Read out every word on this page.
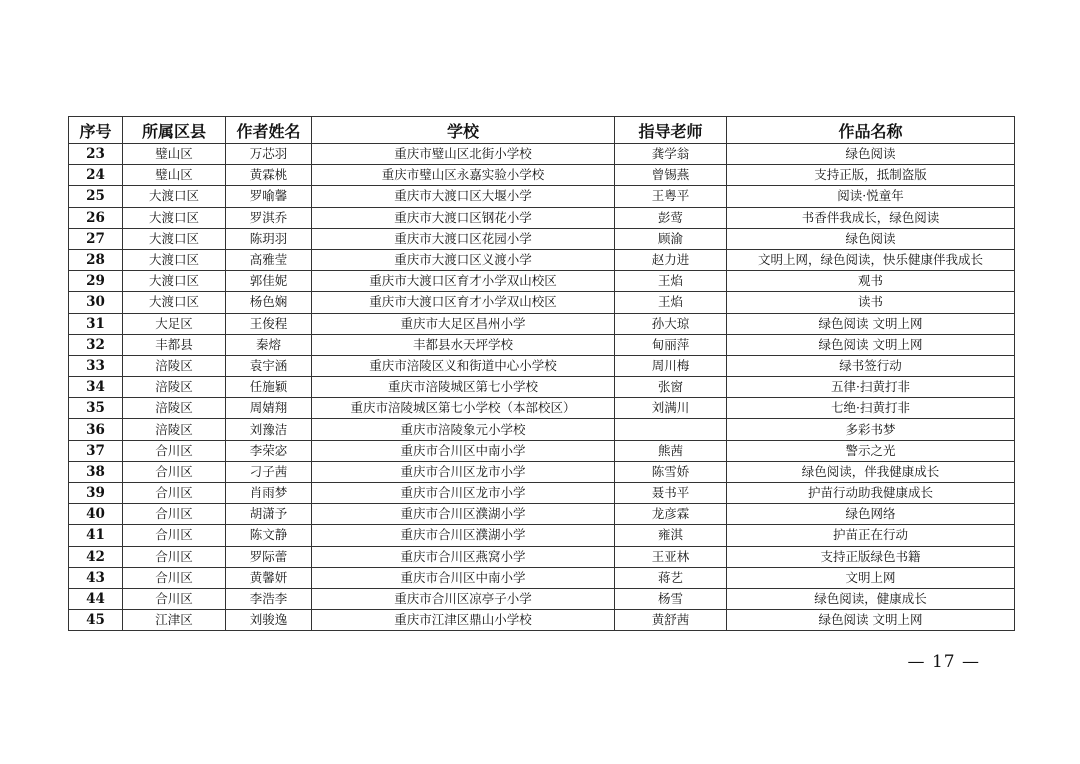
序号	所属区县	作者姓名	学校	指导老师	作品名称
23	璧山区	万芯羽	重庆市璧山区北街小学校	龚学翁	绿色阅读
24	璧山区	黄霖桃	重庆市璧山区永嘉实验小学校	曾锡燕	支持正版，抵制盗版
25	大渡口区	罗喻馨	重庆市大渡口区大堰小学	王粤平	阅读·悦童年
26	大渡口区	罗淇乔	重庆市大渡口区钢花小学	彭莺	书香伴我成长，绿色阅读
27	大渡口区	陈玥羽	重庆市大渡口区花园小学	顾渝	绿色阅读
28	大渡口区	高雅莹	重庆市大渡口区义渡小学	赵力进	文明上网，绿色阅读，快乐健康伴我成长
29	大渡口区	郭佳妮	重庆市大渡口区育才小学双山校区	王焰	观书
30	大渡口区	杨色娴	重庆市大渡口区育才小学双山校区	王焰	读书
31	大足区	王俊程	重庆市大足区昌州小学	孙大琼	绿色阅读 文明上网
32	丰都县	秦熔	丰都县水天坪学校	甸丽萍	绿色阅读 文明上网
33	涪陵区	袁宇涵	重庆市涪陵区义和街道中心小学校	周川梅	绿书签行动
34	涪陵区	任施颖	重庆市涪陵城区第七小学校	张窗	五律·扫黄打非
35	涪陵区	周婧翔	重庆市涪陵城区第七小学校（本部校区）	刘满川	七绝·扫黄打非
36	涪陵区	刘豫洁	重庆市涪陵象元小学校		多彩书梦
37	合川区	李荣宓	重庆市合川区中南小学	熊茜	警示之光
38	合川区	刁子茜	重庆市合川区龙市小学	陈雪娇	绿色阅读，伴我健康成长
39	合川区	肖雨梦	重庆市合川区龙市小学	聂书平	护苗行动助我健康成长
40	合川区	胡潇予	重庆市合川区濮湖小学	龙彦霖	绿色网络
41	合川区	陈文静	重庆市合川区濮湖小学	雍淇	护苗正在行动
42	合川区	罗际蕾	重庆市合川区燕窝小学	王亚林	支持正版绿色书籍
43	合川区	黄馨妍	重庆市合川区中南小学	蒋艺	文明上网
44	合川区	李浩李	重庆市合川区凉亭子小学	杨雪	绿色阅读，健康成长
45	江津区	刘骏逸	重庆市江津区鼎山小学校	黄舒茜	绿色阅读 文明上网
— 17 —
